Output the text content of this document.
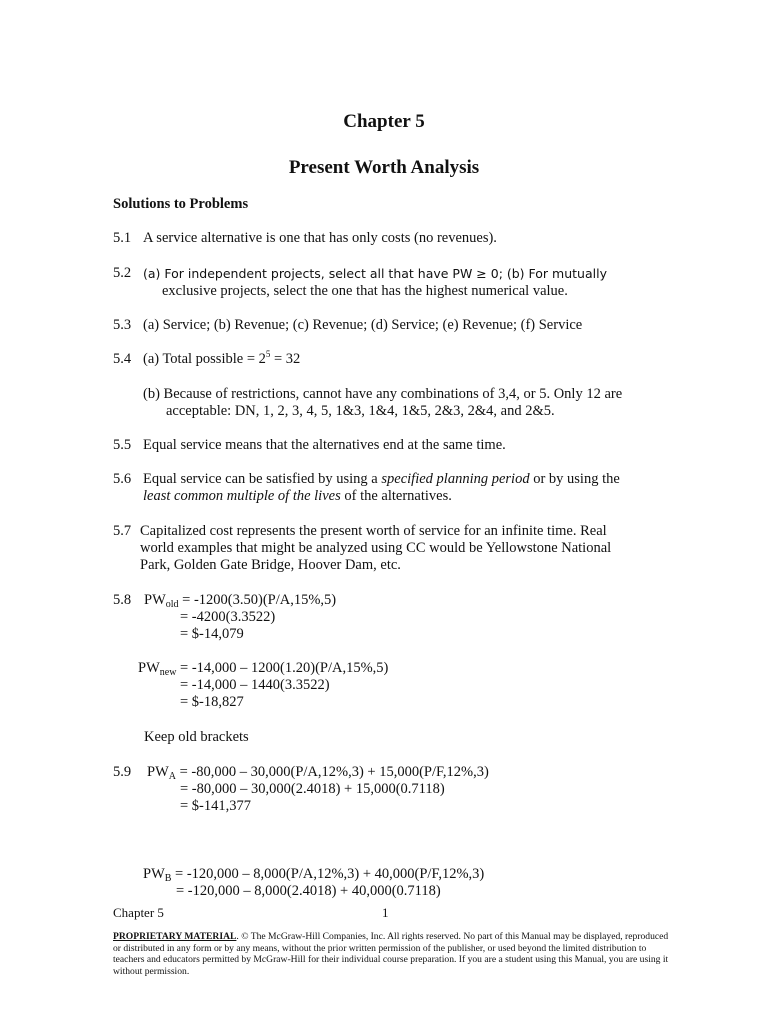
Chapter 5
Present Worth Analysis
Solutions to Problems
5.1 A service alternative is one that has only costs (no revenues).
5.2 (a) For independent projects, select all that have PW ≥ 0; (b) For mutually
exclusive projects, select the one that has the highest numerical value.
5.3 (a) Service; (b) Revenue; (c) Revenue; (d) Service; (e) Revenue; (f) Service
5.4 (a) Total possible = $2^5 = 32$
(b) Because of restrictions, cannot have any combinations of 3,4, or 5. Only 12 are
acceptable: DN, 1, 2, 3, 4, 5, 1&3, 1&4, 1&5, 2&3, 2&4, and 2&5.
5.5 Equal service means that the alternatives end at the same time.
5.6 Equal service can be satisfied by using a specified planning period or by using the
least common multiple of the lives of the alternatives.
5.7 Capitalized cost represents the present worth of service for an infinite time. Real
world examples that might be analyzed using CC would be Yellowstone National
Park, Golden Gate Bridge, Hoover Dam, etc.
5.8 $PW_{old} = -1200(3.50)(P/A,15\%,5)$
= -4200(3.3522)
= $-14,079
$PW_{new} = -14,000 - 1200(1.20)(P/A,15\%,5)$
= -14,000 – 1440(3.3522)
= $-18,827
Keep old brackets
5.9 $PW_A = -80,000 - 30,000(P/A,12\%,3) + 15,000(P/F,12\%,3)$
= -80,000 – 30,000(2.4018) + 15,000(0.7118)
= $-141,377
$PW_B = -120,000 - 8,000(P/A,12\%,3) + 40,000(P/F,12\%,3)$
= -120,000 – 8,000(2.4018) + 40,000(0.7118)
Chapter 5	1
PROPRIETARY MATERIAL. © The McGraw-Hill Companies, Inc. All rights reserved. No part of this Manual may be displayed, reproduced or distributed in any form or by any means, without the prior written permission of the publisher, or used beyond the limited distribution to teachers and educators permitted by McGraw-Hill for their individual course preparation. If you are a student using this Manual, you are using it without permission.
